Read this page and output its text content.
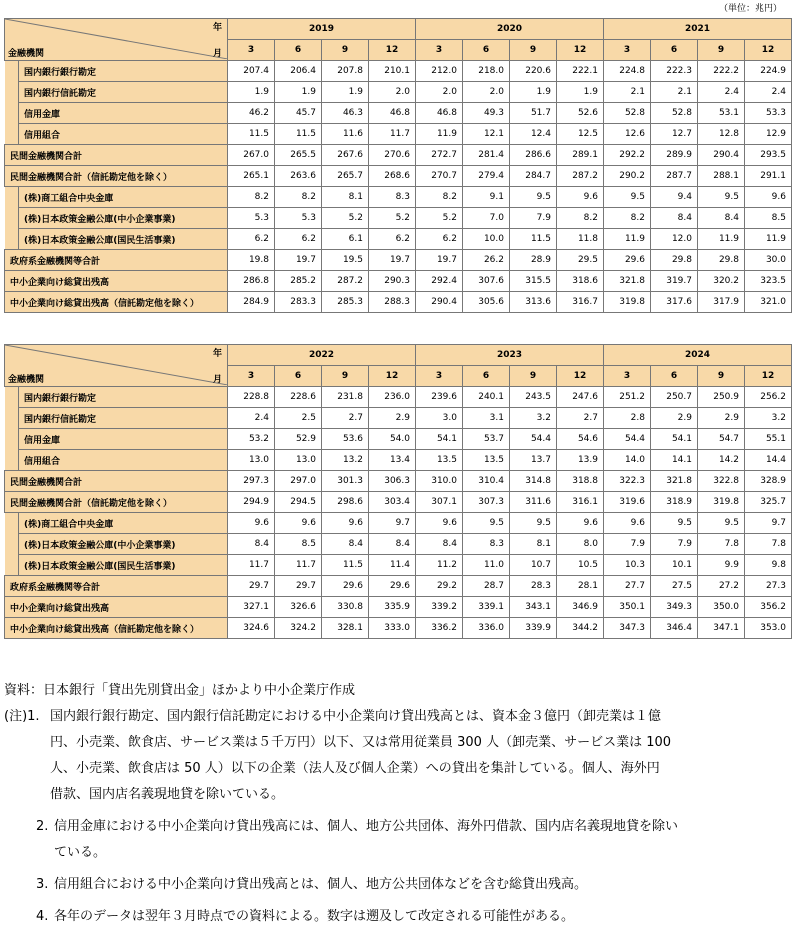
（単位：兆円）
年
月
金融機関		2019				2020				2021			
		3	6	9	12	3	6	9	12	3	6	9	12
	国内銀行銀行勘定	207.4	206.4	207.8	210.1	212.0	218.0	220.6	222.1	224.8	222.3	222.2	224.9
	国内銀行信託勘定	1.9	1.9	1.9	2.0	2.0	2.0	1.9	1.9	2.1	2.1	2.4	2.4
	信用金庫	46.2	45.7	46.3	46.8	46.8	49.3	51.7	52.6	52.8	52.8	53.1	53.3
	信用組合	11.5	11.5	11.6	11.7	11.9	12.1	12.4	12.5	12.6	12.7	12.8	12.9
民間金融機関合計		267.0	265.5	267.6	270.6	272.7	281.4	286.6	289.1	292.2	289.9	290.4	293.5
民間金融機関合計（信託勘定他を除く）		265.1	263.6	265.7	268.6	270.7	279.4	284.7	287.2	290.2	287.7	288.1	291.1
	(株)商工組合中央金庫	8.2	8.2	8.1	8.3	8.2	9.1	9.5	9.6	9.5	9.4	9.5	9.6
	(株)日本政策金融公庫(中小企業事業)	5.3	5.3	5.2	5.2	5.2	7.0	7.9	8.2	8.2	8.4	8.4	8.5
	(株)日本政策金融公庫(国民生活事業)	6.2	6.2	6.1	6.2	6.2	10.0	11.5	11.8	11.9	12.0	11.9	11.9
政府系金融機関等合計		19.8	19.7	19.5	19.7	19.7	26.2	28.9	29.5	29.6	29.8	29.8	30.0
中小企業向け総貸出残高		286.8	285.2	287.2	290.3	292.4	307.6	315.5	318.6	321.8	319.7	320.2	323.5
中小企業向け総貸出残高（信託勘定他を除く）		284.9	283.3	285.3	288.3	290.4	305.6	313.6	316.7	319.8	317.6	317.9	321.0
年
月
金融機関		2022				2023				2024			
		3	6	9	12	3	6	9	12	3	6	9	12
	国内銀行銀行勘定	228.8	228.6	231.8	236.0	239.6	240.1	243.5	247.6	251.2	250.7	250.9	256.2
	国内銀行信託勘定	2.4	2.5	2.7	2.9	3.0	3.1	3.2	2.7	2.8	2.9	2.9	3.2
	信用金庫	53.2	52.9	53.6	54.0	54.1	53.7	54.4	54.6	54.4	54.1	54.7	55.1
	信用組合	13.0	13.0	13.2	13.4	13.5	13.5	13.7	13.9	14.0	14.1	14.2	14.4
民間金融機関合計		297.3	297.0	301.3	306.3	310.0	310.4	314.8	318.8	322.3	321.8	322.8	328.9
民間金融機関合計（信託勘定他を除く）		294.9	294.5	298.6	303.4	307.1	307.3	311.6	316.1	319.6	318.9	319.8	325.7
	(株)商工組合中央金庫	9.6	9.6	9.6	9.7	9.6	9.5	9.5	9.6	9.6	9.5	9.5	9.7
	(株)日本政策金融公庫(中小企業事業)	8.4	8.5	8.4	8.4	8.4	8.3	8.1	8.0	7.9	7.9	7.8	7.8
	(株)日本政策金融公庫(国民生活事業)	11.7	11.7	11.5	11.4	11.2	11.0	10.7	10.5	10.3	10.1	9.9	9.8
政府系金融機関等合計		29.7	29.7	29.6	29.6	29.2	28.7	28.3	28.1	27.7	27.5	27.2	27.3
中小企業向け総貸出残高		327.1	326.6	330.8	335.9	339.2	339.1	343.1	346.9	350.1	349.3	350.0	356.2
中小企業向け総貸出残高（信託勘定他を除く）		324.6	324.2	328.1	333.0	336.2	336.0	339.9	344.2	347.3	346.4	347.1	353.0
資料：日本銀行「貸出先別貸出金」ほかより中小企業庁作成
(注)1. 国内銀行銀行勘定、国内銀行信託勘定における中小企業向け貸出残高とは、資本金３億円（卸売業は１億
円、小売業、飲食店、サービス業は５千万円）以下、又は常用従業員 300 人（卸売業、サービス業は 100
人、小売業、飲食店は 50 人）以下の企業（法人及び個人企業）への貸出を集計している。個人、海外円
借款、国内店名義現地貸を除いている。
2. 信用金庫における中小企業向け貸出残高には、個人、地方公共団体、海外円借款、国内店名義現地貸を除い
ている。
3. 信用組合における中小企業向け貸出残高とは、個人、地方公共団体などを含む総貸出残高。
4. 各年のデータは翌年３月時点での資料による。数字は遡及して改定される可能性がある。
